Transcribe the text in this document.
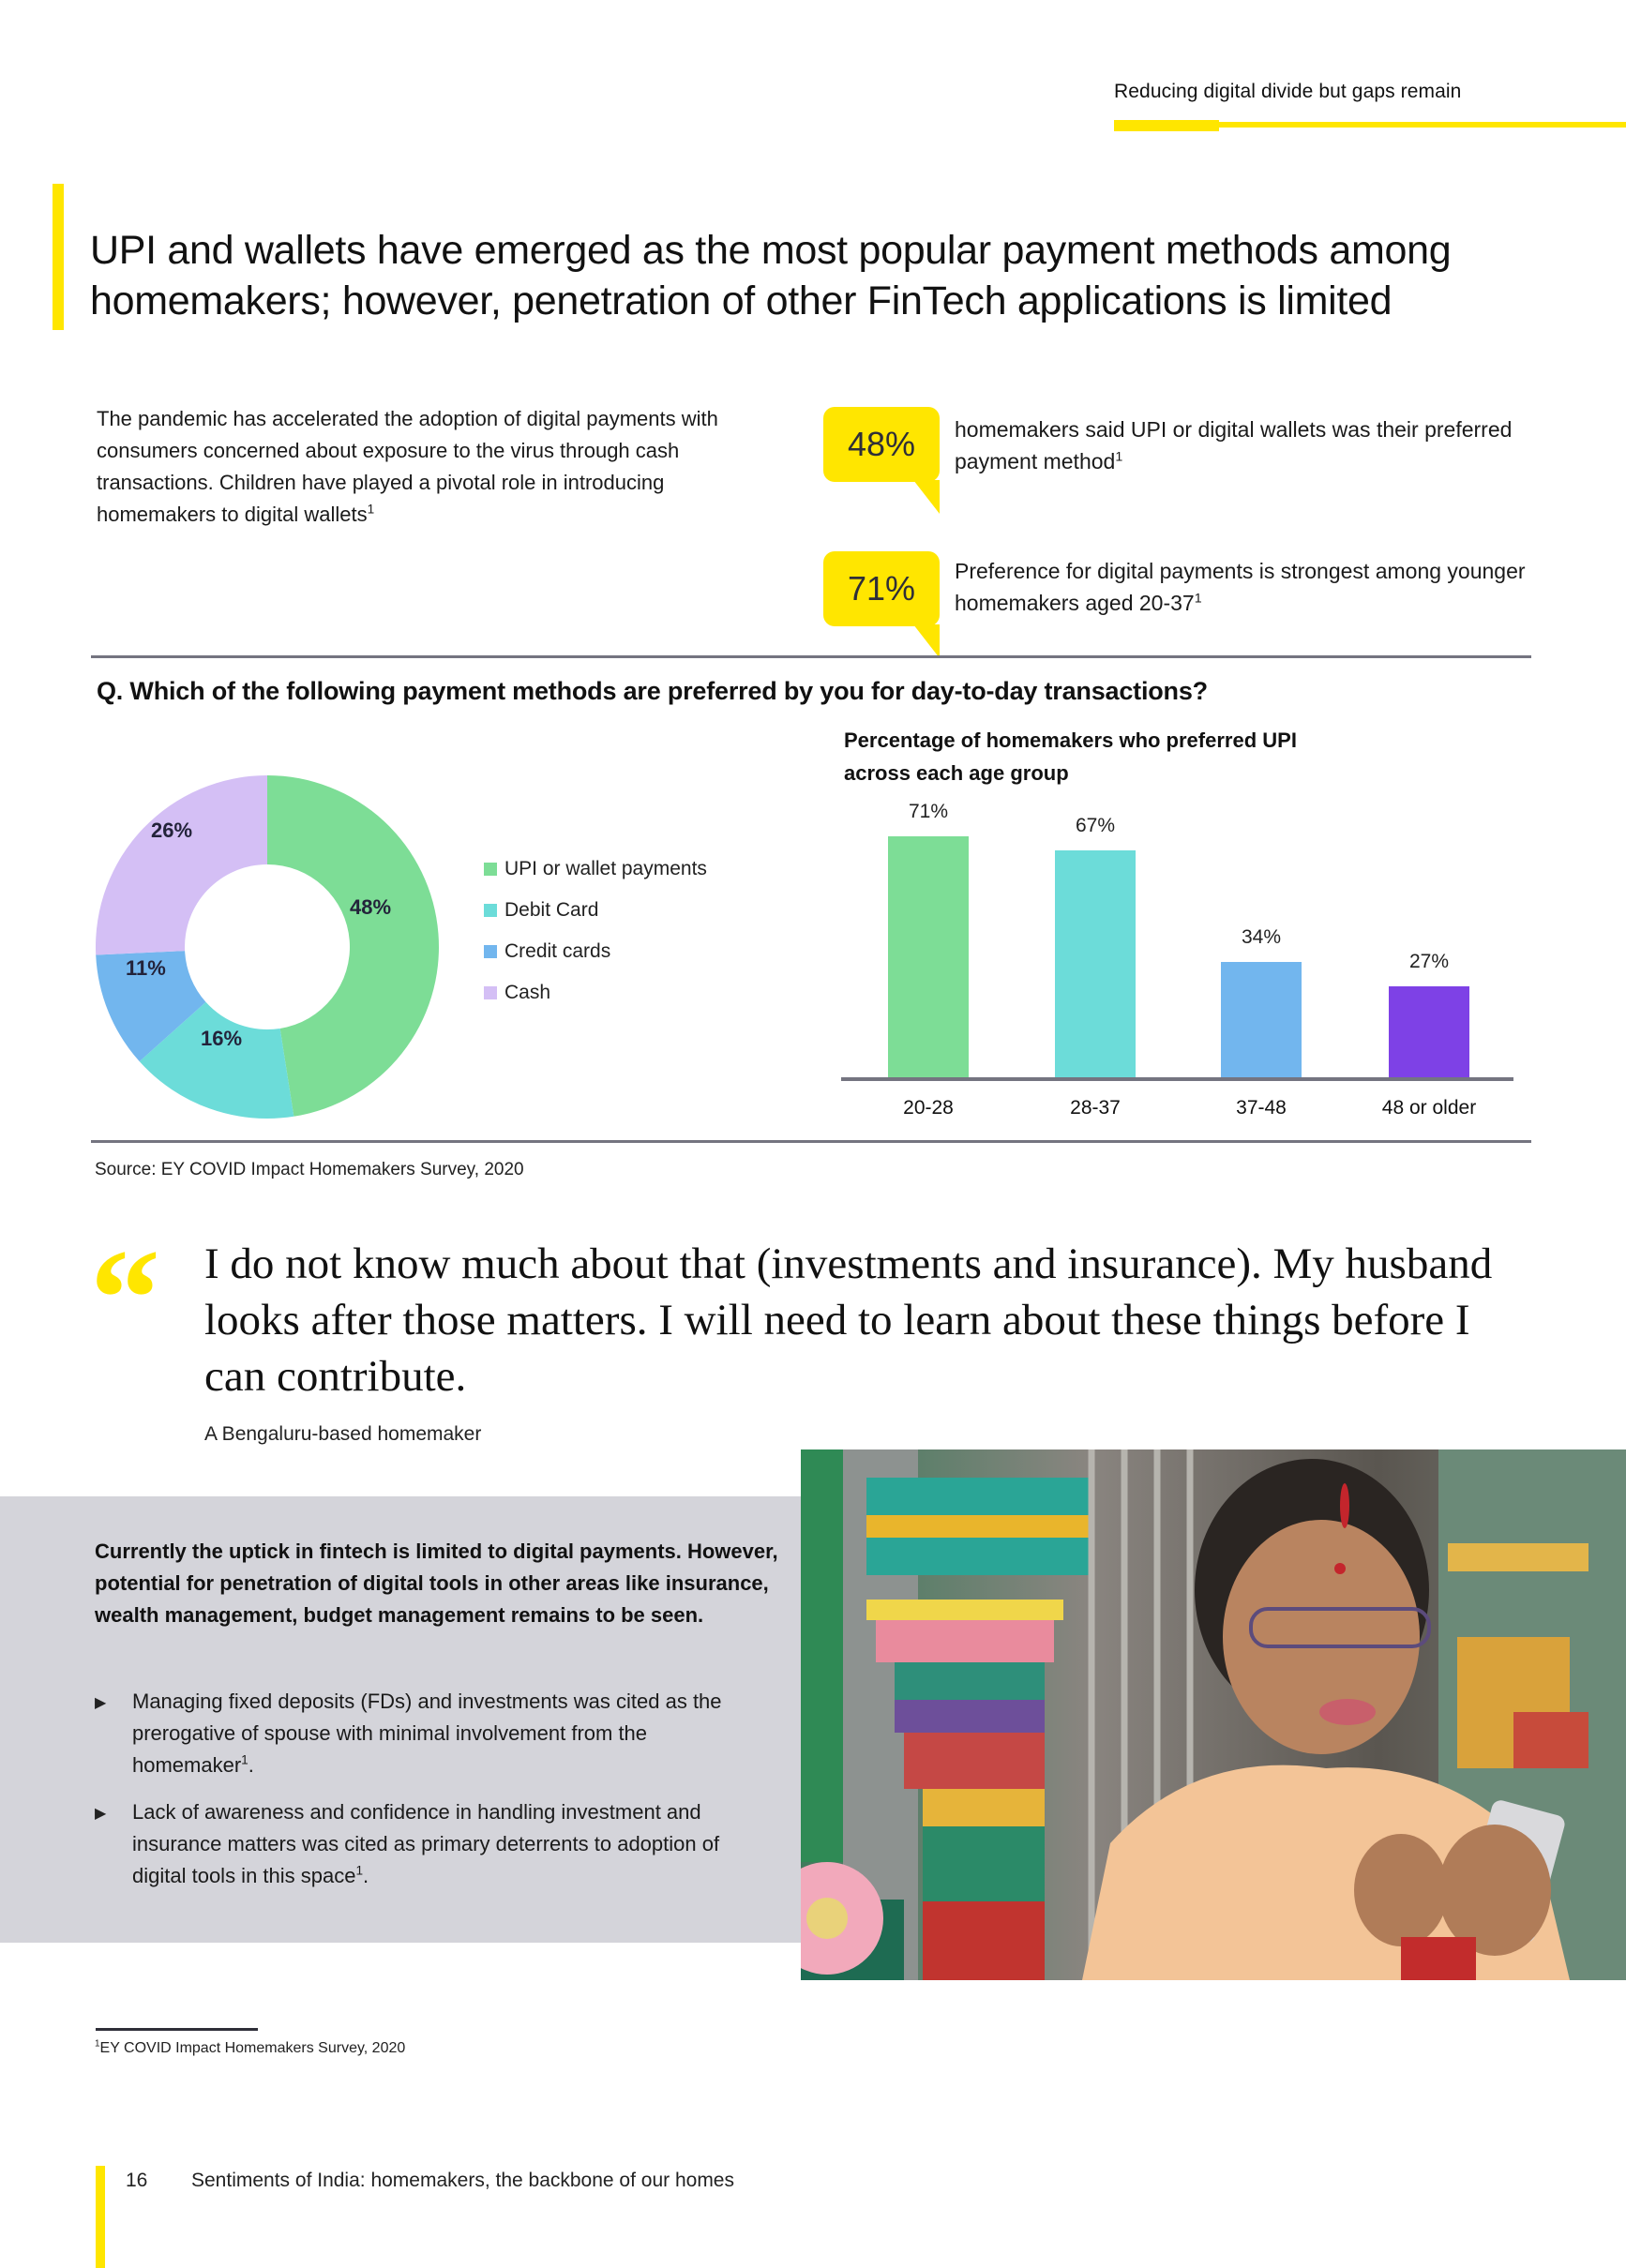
Reducing digital divide but gaps remain
UPI and wallets have emerged as the most popular payment methods among
homemakers; however, penetration of other FinTech applications is limited

The pandemic has accelerated the adoption of digital payments with consumers concerned about exposure to the virus through cash transactions. Children have played a pivotal role in introducing homemakers to digital wallets$^1$

48% homemakers said UPI or digital wallets was their preferred payment method$^1$

71% Preference for digital payments is strongest among younger homemakers aged $20-37^1$

Q. Which of the following payment methods are preferred by you for day-to-day transactions?
48%
16%
11%
26%
UPI or wallet payments
Debit Card
Credit cards
Cash
Percentage of homemakers who preferred UPI
across each age group
71%
67%
34%
27%
20-28	28-37	37-48	48 or older
Source: EY COVID Impact Homemakers Survey, 2020
“ I do not know much about that (investments and insurance). My husband looks after those matters. I will need to learn about these things before I can contribute.
A Bengaluru-based homemaker

Currently the uptick in fintech is limited to digital payments. However, potential for penetration of digital tools in other areas like insurance, wealth management, budget management remains to be seen.

▶	Managing fixed deposits (FDs) and investments was cited as the prerogative of spouse with minimal involvement from the homemaker$^1$.
▶	Lack of awareness and confidence in handling investment and insurance matters was cited as primary deterrents to adoption of digital tools in this space$^1$.
$^1$EY COVID Impact Homemakers Survey, 2020
16 Sentiments of India: homemakers, the backbone of our homes
